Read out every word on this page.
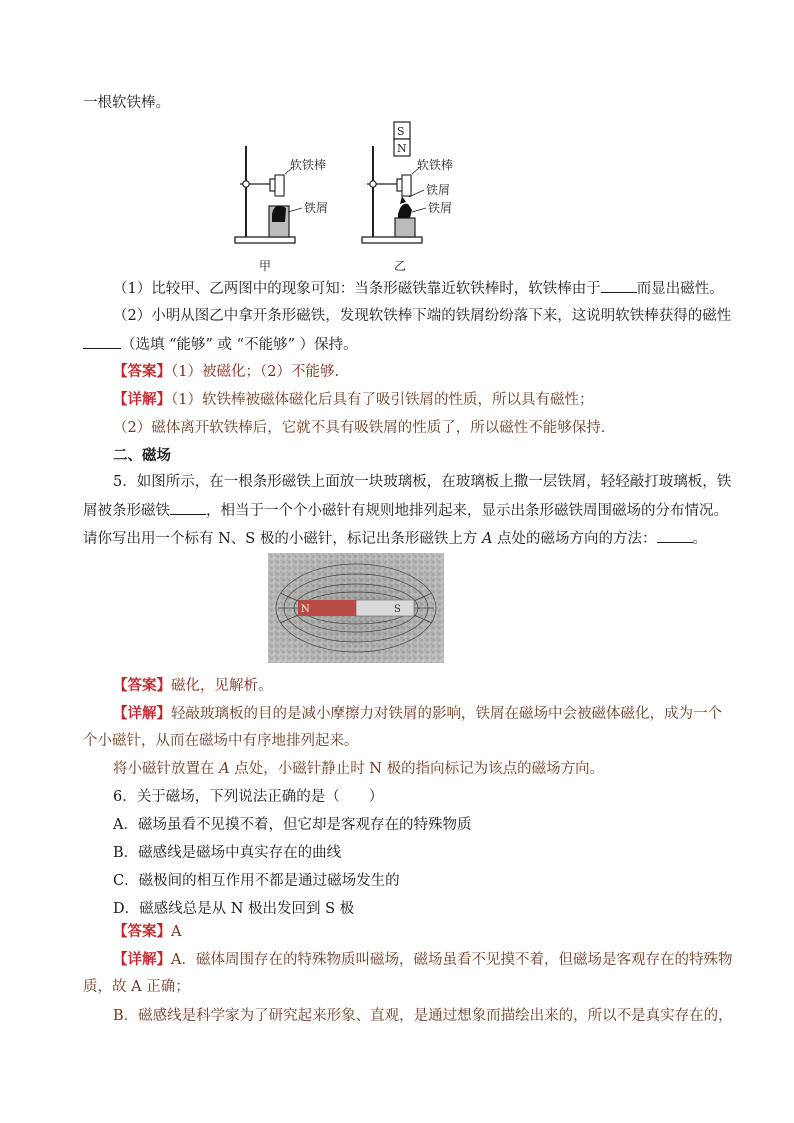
一根软铁棒。
软铁棒
铁屑
S
N
软铁棒
铁屑
铁屑
甲	乙
（1）比较甲、乙两图中的现象可知：当条形磁铁靠近软铁棒时，软铁棒由于 而显出磁性。
（2）小明从图乙中拿开条形磁铁，发现软铁棒下端的铁屑纷纷落下来，这说明软铁棒获得的磁性
（选填 “能够” 或 “不能够” ）保持。
【答案】（1）被磁化；（2）不能够.
【详解】（1）软铁棒被磁体磁化后具有了吸引铁屑的性质，所以具有磁性；
（2）磁体离开软铁棒后，它就不具有吸铁屑的性质了，所以磁性不能够保持.
二、磁场
5．如图所示，在一根条形磁铁上面放一块玻璃板，在玻璃板上撒一层铁屑，轻轻敲打玻璃板，铁
屑被条形磁铁 ，相当于一个个小磁针有规则地排列起来，显示出条形磁铁周围磁场的分布情况。
请你写出用一个标有 N、S 极的小磁针，标记出条形磁铁上方 A 点处的磁场方向的方法： 。
N	S
【答案】磁化，见解析。
【详解】轻敲玻璃板的目的是减小摩擦力对铁屑的影响，铁屑在磁场中会被磁体磁化，成为一个
个小磁针，从而在磁场中有序地排列起来。
将小磁针放置在 A 点处，小磁针静止时 N 极的指向标记为该点的磁场方向。
6．关于磁场，下列说法正确的是（　　）
A．磁场虽看不见摸不着，但它却是客观存在的特殊物质
B．磁感线是磁场中真实存在的曲线
C．磁极间的相互作用不都是通过磁场发生的
D．磁感线总是从 N 极出发回到 S 极
【答案】A
【详解】A．磁体周围存在的特殊物质叫磁场，磁场虽看不见摸不着，但磁场是客观存在的特殊物
质，故 A 正确；
B．磁感线是科学家为了研究起来形象、直观，是通过想象而描绘出来的，所以不是真实存在的，
